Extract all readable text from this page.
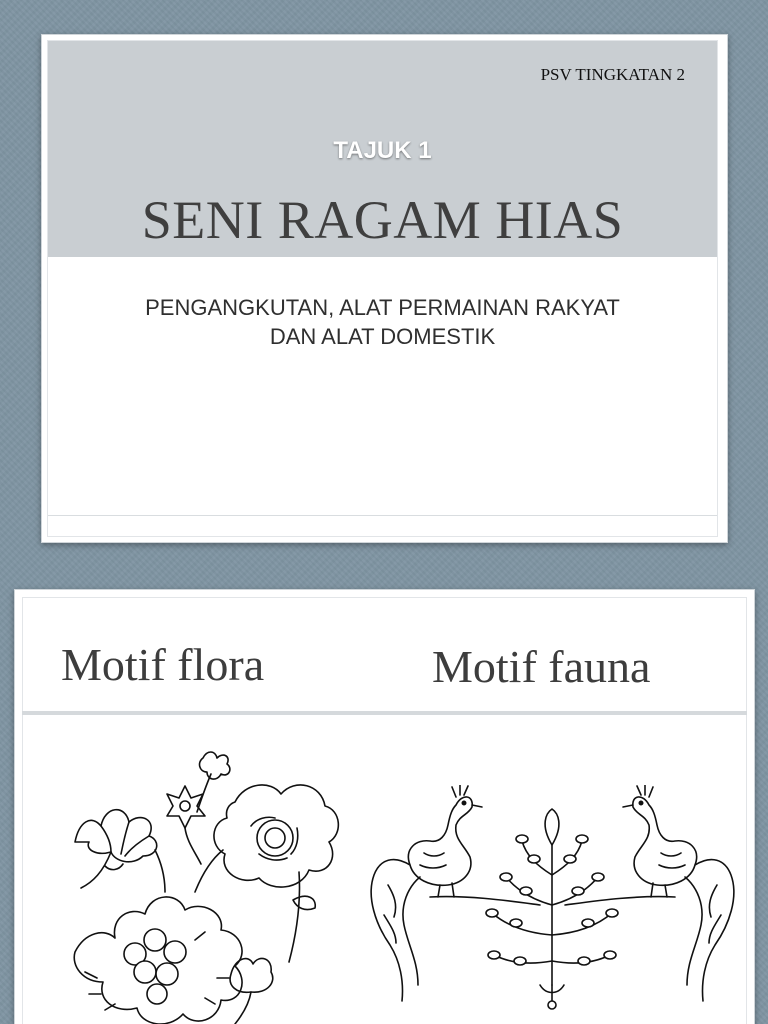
PSV TINGKATAN 2
TAJUK 1
SENI RAGAM HIAS
PENGANGKUTAN, ALAT PERMAINAN RAKYAT
DAN ALAT DOMESTIK
Motif flora	Motif fauna
